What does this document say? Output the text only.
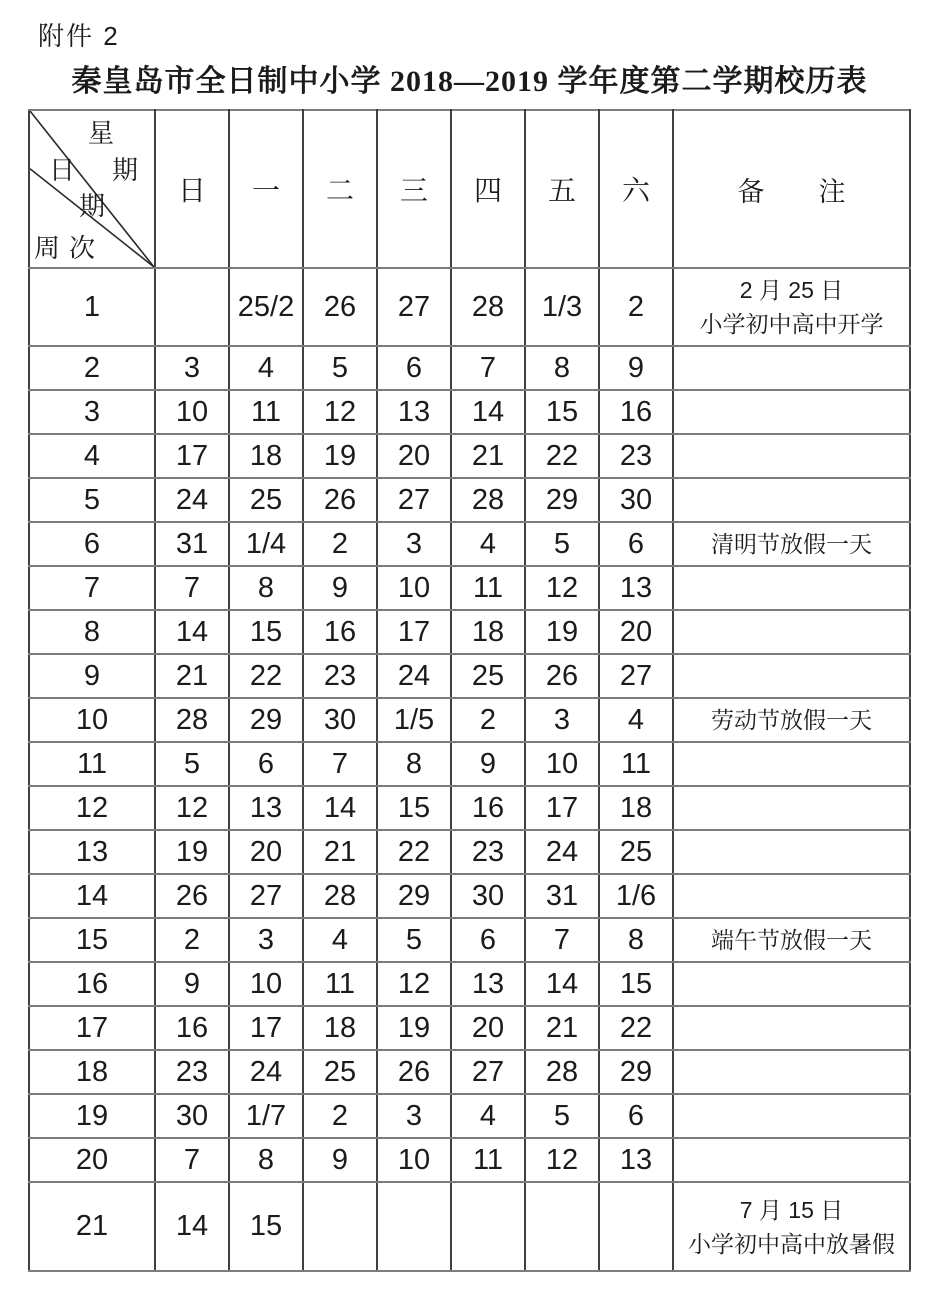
附件 2
秦皇岛市全日制中小学 2018—2019 学年度第二学期校历表
星
期
日
期
周 次
	日	一	二	三	四	五	六	备　　注
1		25/2	26	27	28	1/3	2	2 月 25 日
小学初中高中开学

2	3	4	5	6	7	8	9	
3	10	11	12	13	14	15	16	
4	17	18	19	20	21	22	23	
5	24	25	26	27	28	29	30	
6	31	1/4	2	3	4	5	6	清明节放假一天

7	7	8	9	10	11	12	13	
8	14	15	16	17	18	19	20	
9	21	22	23	24	25	26	27	
10	28	29	30	1/5	2	3	4	劳动节放假一天

11	5	6	7	8	9	10	11	
12	12	13	14	15	16	17	18	
13	19	20	21	22	23	24	25	
14	26	27	28	29	30	31	1/6	
15	2	3	4	5	6	7	8	端午节放假一天

16	9	10	11	12	13	14	15	
17	16	17	18	19	20	21	22	
18	23	24	25	26	27	28	29	
19	30	1/7	2	3	4	5	6	
20	7	8	9	10	11	12	13	
21	14	15						7 月 15 日
小学初中高中放暑假
